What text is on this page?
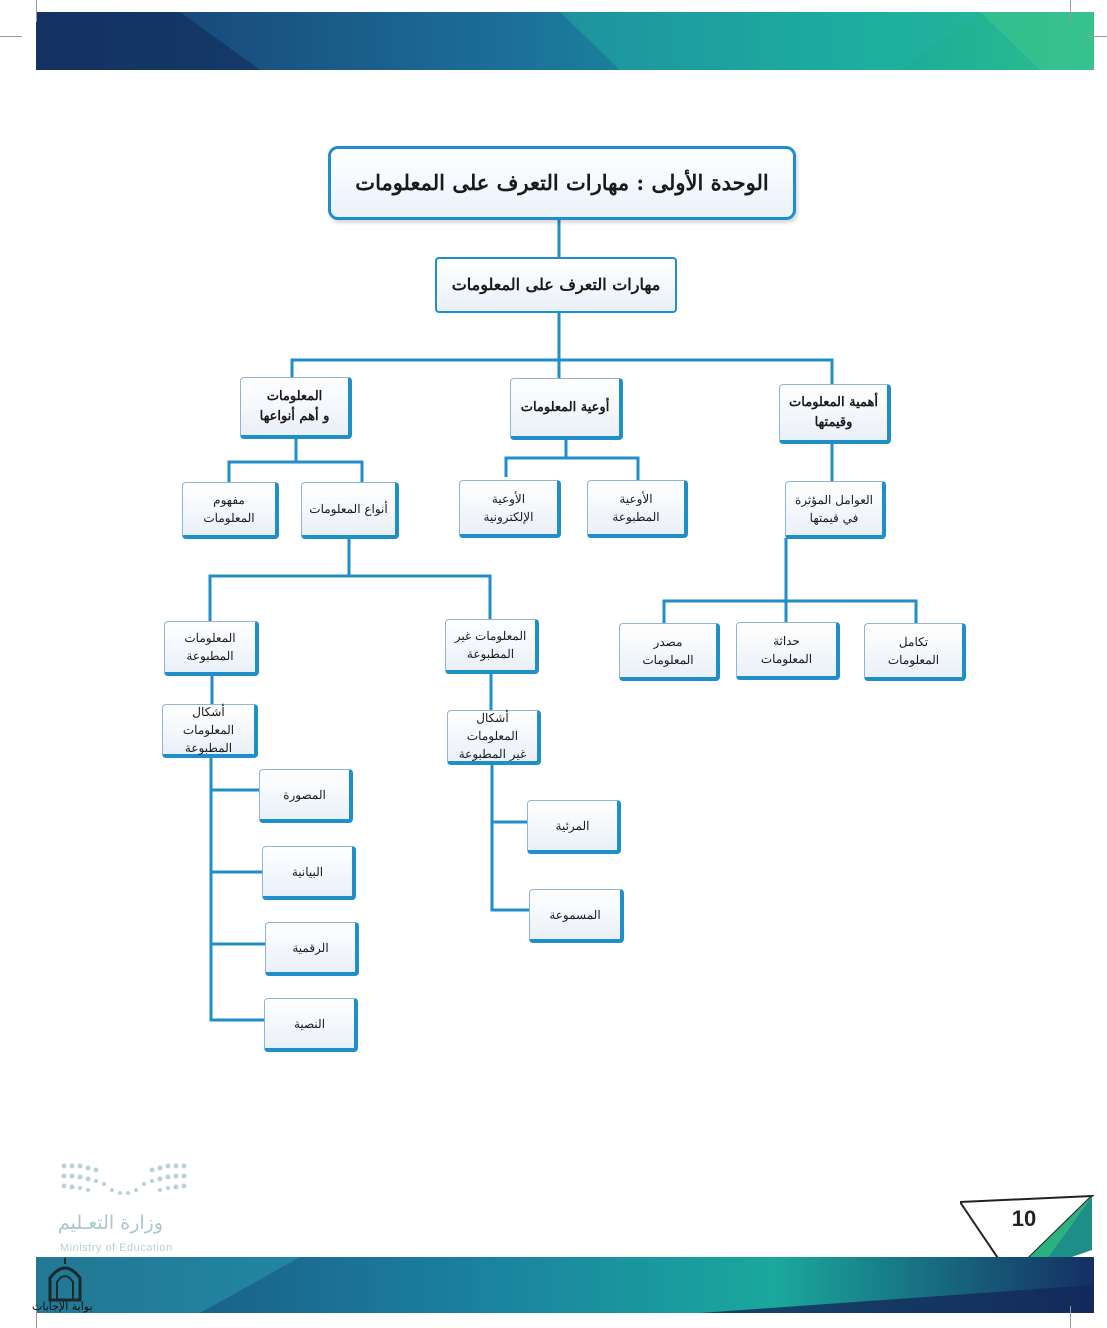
الوحدة الأولى : مهارات التعرف على المعلومات
مهارات التعرف على المعلومات
أهمية المعلومات
وقيمتها
أوعية المعلومات
المعلومات
و أهم أنواعها
العوامل المؤثرة
في قيمتها
الأوعية
المطبوعة
الأوعية
الإلكترونية
أنواع المعلومات
مفهوم
المعلومات
تكامل
المعلومات
حداثة
المعلومات
مصدر
المعلومات
المعلومات غير
المطبوعة
المعلومات
المطبوعة
أشكال المعلومات
غير المطبوعة
أشكال المعلومات
المطبوعة
المرئية
المسموعة
المصورة
البيانية
الرقمية
النصية
وزارة التعـليم
Ministry of Education
10
بوابة الإجابات
